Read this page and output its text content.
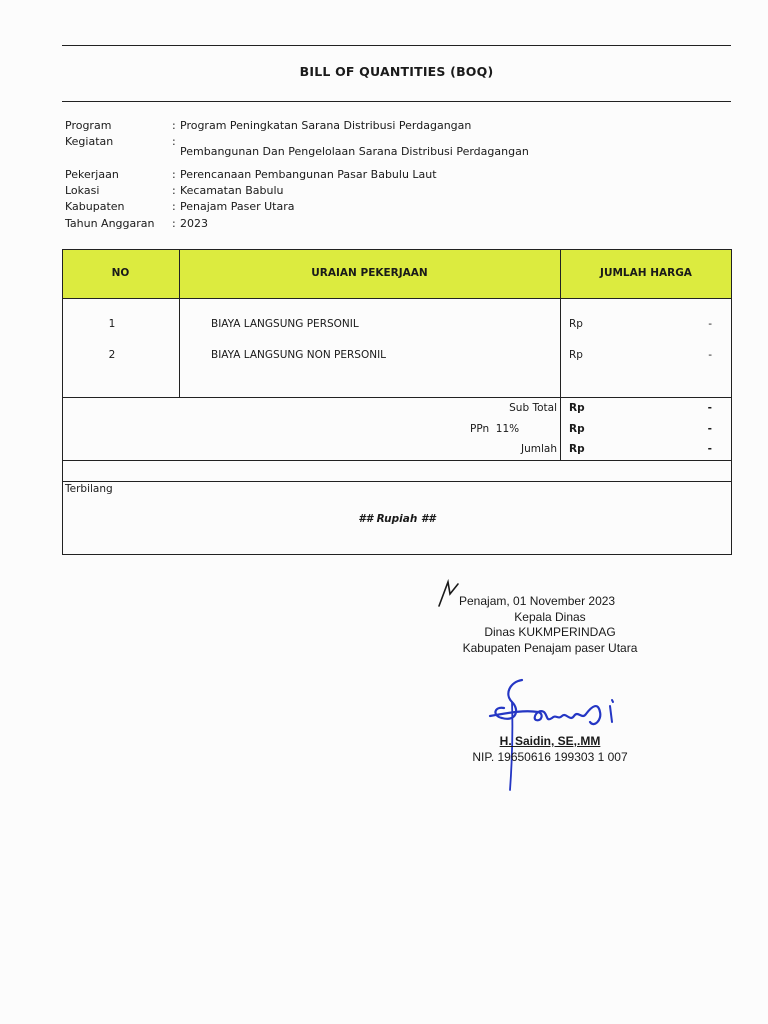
BILL OF QUANTITIES (BOQ)
Program	: Program Peningkatan Sarana Distribusi Perdagangan
Kegiatan	:
Pembangunan Dan Pengelolaan Sarana Distribusi Perdagangan
Pekerjaan	: Perencanaan Pembangunan Pasar Babulu Laut
Lokasi	: Kecamatan Babulu
Kabupaten	: Penajam Paser Utara
Tahun Anggaran : 2023
NO	URAIAN PEKERJAAN	JUMLAH HARGA
1	BIAYA LANGSUNG PERSONIL	Rp	-
2	BIAYA LANGSUNG NON PERSONIL	Rp	-
Sub Total Rp	-
PPn  11%	Rp	-
Jumlah Rp	-
Terbilang
## Rupiah ##
Penajam, 01 November 2023
Kepala Dinas
Dinas KUKMPERINDAG
Kabupaten Penajam paser Utara
H. Saidin, SE,.MM
NIP. 19650616 199303 1 007
